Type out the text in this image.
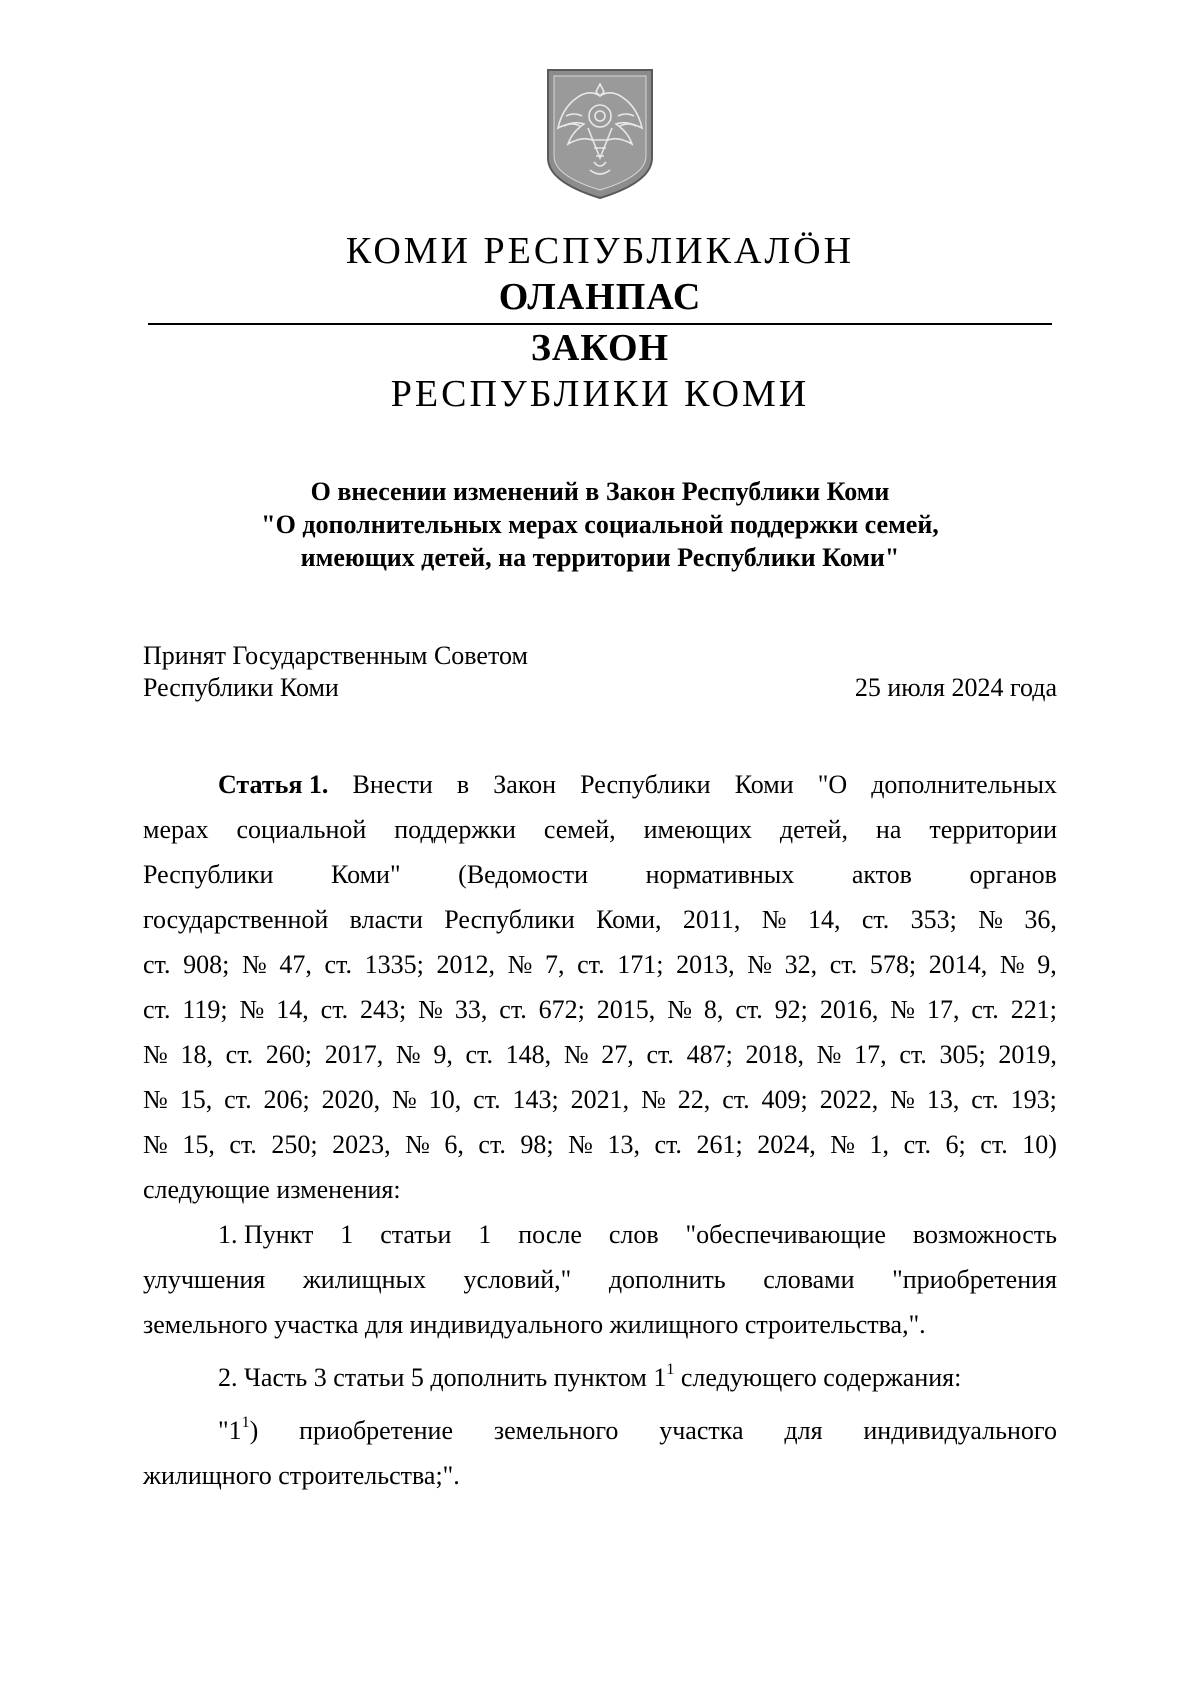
КОМИ РЕСПУБЛИКАЛÖН
ОЛАНПАС
ЗАКОН
РЕСПУБЛИКИ КОМИ
О внесении изменений в Закон Республики Коми
"О дополнительных мерах социальной поддержки семей,
имеющих детей, на территории Республики Коми"
Принят Государственным Советом
Республики Коми	25 июля 2024 года
Статья 1. Внести в Закон Республики Коми "О дополнительных
мерах социальной поддержки семей, имеющих детей, на территории
Республики Коми" (Ведомости нормативных актов органов
государственной власти Республики Коми, 2011, № 14, ст. 353; № 36,
ст. 908; № 47, ст. 1335; 2012, № 7, ст. 171; 2013, № 32, ст. 578; 2014, № 9,
ст. 119; № 14, ст. 243; № 33, ст. 672; 2015, № 8, ст. 92; 2016, № 17, ст. 221;
№ 18, ст. 260; 2017, № 9, ст. 148, № 27, ст. 487; 2018, № 17, ст. 305; 2019,
№ 15, ст. 206; 2020, № 10, ст. 143; 2021, № 22, ст. 409; 2022, № 13, ст. 193;
№ 15, ст. 250; 2023, № 6, ст. 98; № 13, ст. 261; 2024, № 1, ст. 6; ст. 10)
следующие изменения:
1. Пункт 1 статьи 1 после слов "обеспечивающие возможность
улучшения жилищных условий," дополнить словами "приобретения
земельного участка для индивидуального жилищного строительства,".
2. Часть 3 статьи 5 дополнить пунктом $1^1$ следующего содержания:
"$1^1$) приобретение земельного участка для индивидуального
жилищного строительства;".
